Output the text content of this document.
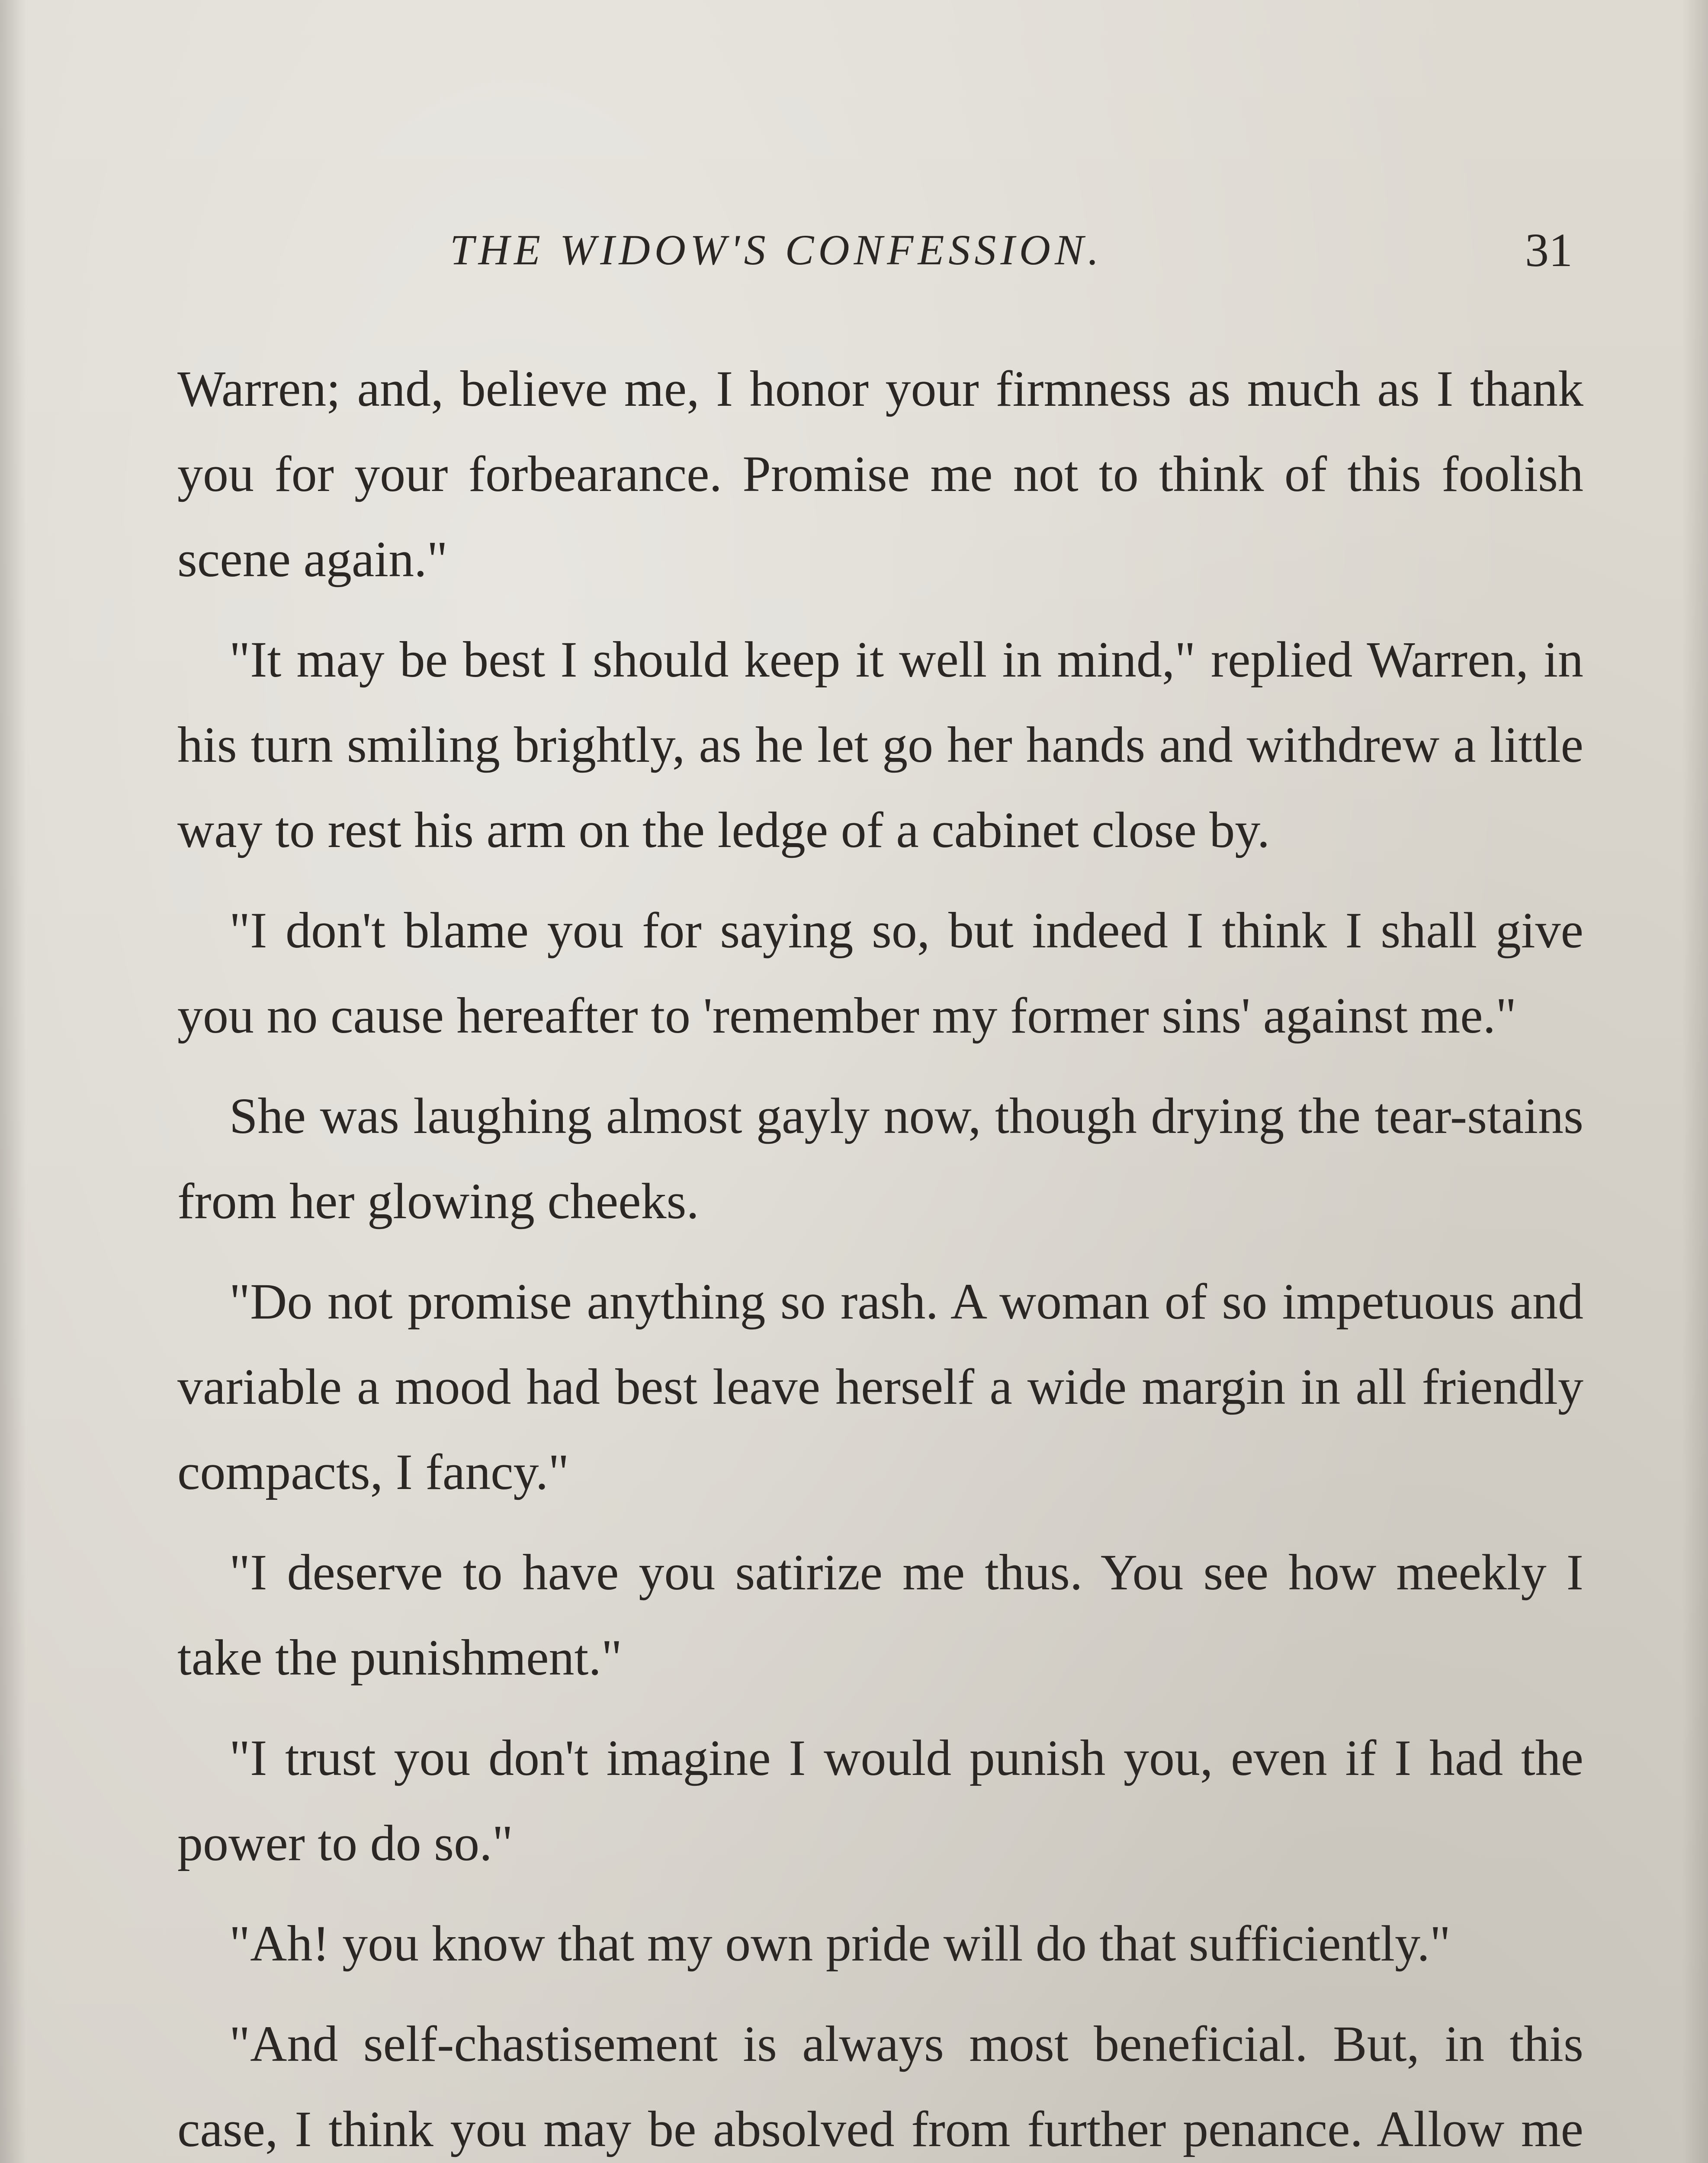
THE WIDOW'S CONFESSION.	31

Warren; and, believe me, I honor your firmness as much as I thank you for your forbearance. Promise me not to think of this foolish scene again."

"It may be best I should keep it well in mind," replied Warren, in his turn smiling brightly, as he let go her hands and withdrew a little way to rest his arm on the ledge of a cabinet close by.

"I don't blame you for saying so, but indeed I think I shall give you no cause hereafter to 'remember my former sins' against me."

She was laughing almost gayly now, though drying the tear-stains from her glowing cheeks.

"Do not promise anything so rash. A woman of so impetuous and variable a mood had best leave herself a wide margin in all friendly compacts, I fancy."

"I deserve to have you satirize me thus. You see how meekly I take the punishment."

"I trust you don't imagine I would punish you, even if I had the power to do so."

"Ah! you know that my own pride will do that sufficiently."

"And self-chastisement is always most beneficial. But, in this case, I think you may be absolved from further penance. Allow me
